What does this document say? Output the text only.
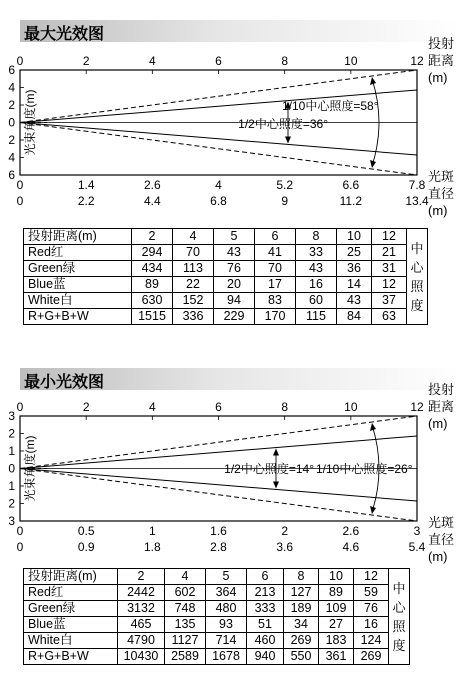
最大光效图
0	2	4	6	8	10	12
6
4
2
0
2
4
6
光束角度(m)	1/2中心照度=36°
1/10中心照度=58°
投射
距离
(m)
光斑
直径
(m)
0	1.4	2.6	4	5.2	6.6	7.8
0	2.2	4.4	6.8	9	11.2	13.4
投射距离(m)	2	4	5	6	8	10	12	中
心
照
度
Red红	294	70	43	41	33	25	21	
Green绿	434	113	76	70	43	36	31	
Blue蓝	89	22	20	17	16	14	12	
White白	630	152	94	83	60	43	37	
R+G+B+W	1515	336	229	170	115	84	63	
最小光效图
0	2	4	6	8	10	12
3
2
1
0
1
2
3
光束角度(m)	1/2中心照度=14° 1/10中心照度=26°
投射
距离
(m)
光斑
直径
(m)
0	0.5	1	1.6	2	2.6	3
0	0.9	1.8	2.8	3.6	4.6	5.4
投射距离(m)	2	4	5	6	8	10	12	中
心
照
度
Red红	2442	602	364	213	127	89	59	
Green绿	3132	748	480	333	189	109	76	
Blue蓝	465	135	93	51	34	27	16	
White白	4790	1127	714	460	269	183	124	
R+G+B+W	10430	2589	1678	940	550	361	269	
